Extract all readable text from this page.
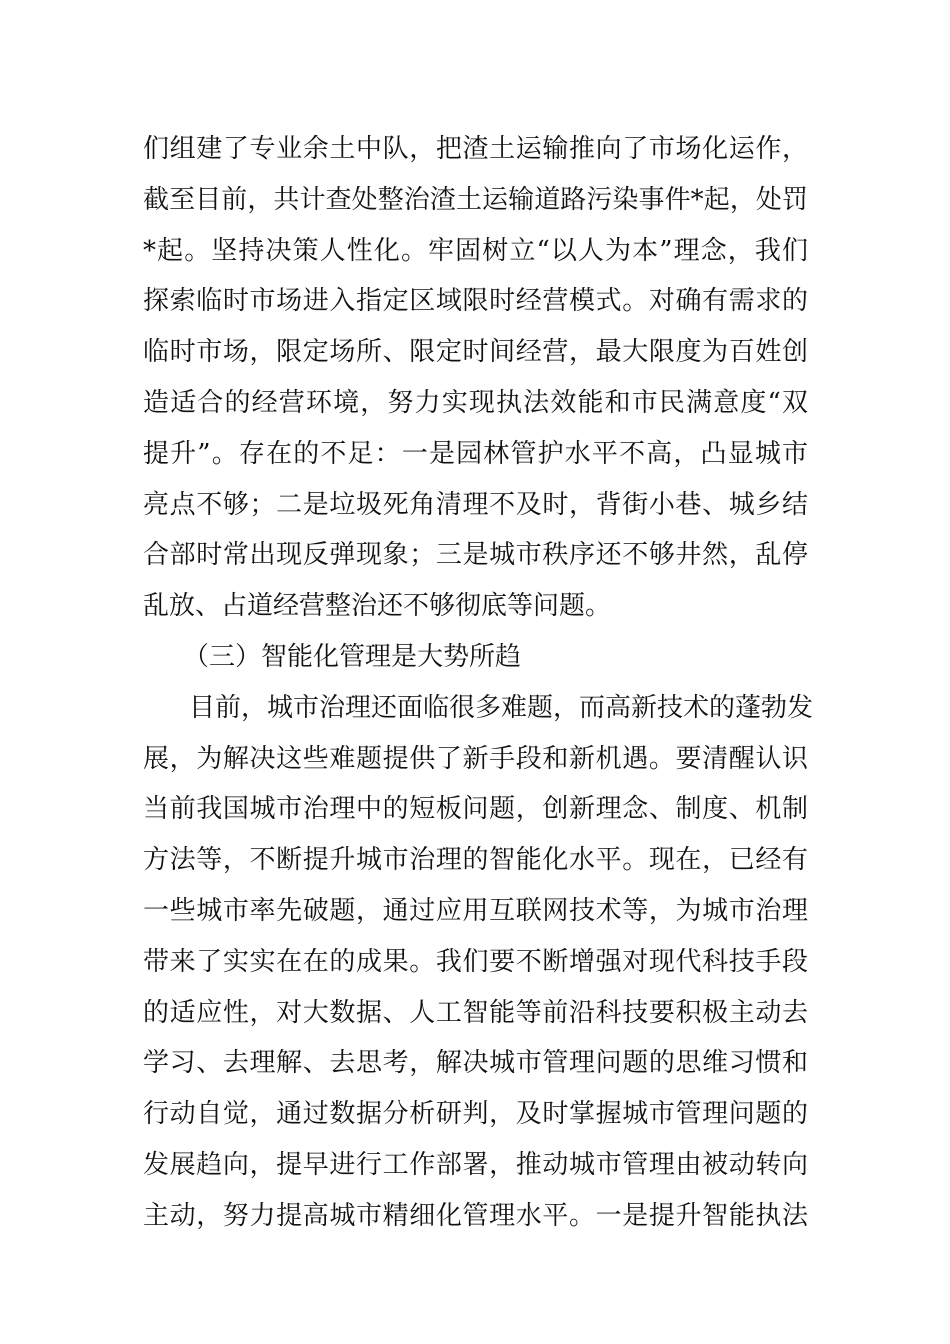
们组建了专业余土中队，把渣土运输推向了市场化运作，
截至目前，共计查处整治渣土运输道路污染事件*起，处罚
*起。坚持决策人性化。牢固树立“以人为本”理念，我们
探索临时市场进入指定区域限时经营模式。对确有需求的
临时市场，限定场所、限定时间经营，最大限度为百姓创
造适合的经营环境，努力实现执法效能和市民满意度“双
提升”。存在的不足：一是园林管护水平不高，凸显城市
亮点不够；二是垃圾死角清理不及时，背街小巷、城乡结
合部时常出现反弹现象；三是城市秩序还不够井然，乱停
乱放、占道经营整治还不够彻底等问题。
（三）智能化管理是大势所趋
目前，城市治理还面临很多难题，而高新技术的蓬勃发
展，为解决这些难题提供了新手段和新机遇。要清醒认识
当前我国城市治理中的短板问题，创新理念、制度、机制
方法等，不断提升城市治理的智能化水平。现在，已经有
一些城市率先破题，通过应用互联网技术等，为城市治理
带来了实实在在的成果。我们要不断增强对现代科技手段
的适应性，对大数据、人工智能等前沿科技要积极主动去
学习、去理解、去思考，解决城市管理问题的思维习惯和
行动自觉，通过数据分析研判，及时掌握城市管理问题的
发展趋向，提早进行工作部署，推动城市管理由被动转向
主动，努力提高城市精细化管理水平。一是提升智能执法
